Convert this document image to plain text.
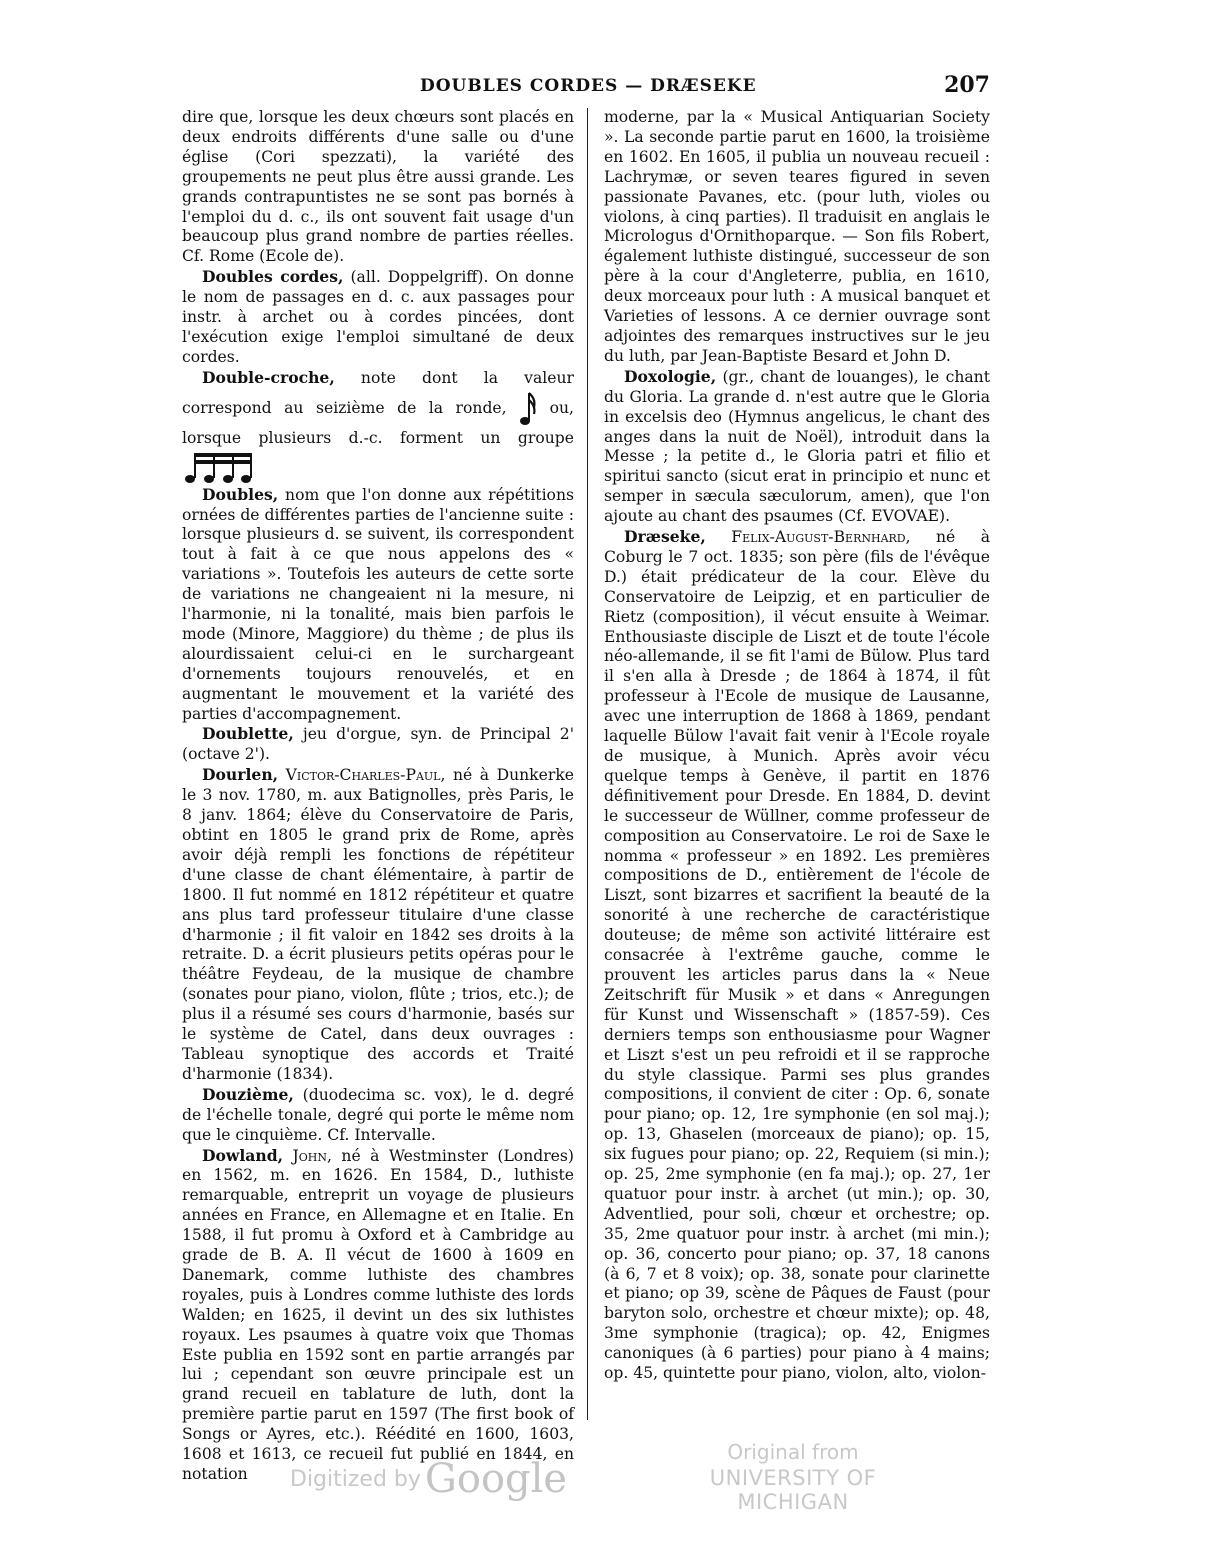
DOUBLES CORDES — DRÆSEKE	207

dire que, lorsque les deux chœurs sont placés en deux endroits différents d'une salle ou d'une église (Cori spezzati), la variété des groupements ne peut plus être aussi grande. Les grands contrapuntistes ne se sont pas bornés à l'emploi du d. c., ils ont souvent fait usage d'un beaucoup plus grand nombre de parties réelles. Cf. Rome (Ecole de).

Doubles cordes, (all. Doppelgriff). On donne le nom de passages en d. c. aux passages pour instr. à archet ou à cordes pincées, dont l'exécution exige l'emploi simultané de deux cordes.

Double-croche, note dont la valeur correspond au seizième de la ronde,	ou, lorsque plusieurs d.-c. forment un groupe

Doubles, nom que l'on donne aux répétitions ornées de différentes parties de l'ancienne suite : lorsque plusieurs d. se suivent, ils correspondent tout à fait à ce que nous appelons des « variations ». Toutefois les auteurs de cette sorte de variations ne changeaient ni la mesure, ni l'harmonie, ni la tonalité, mais bien parfois le mode (Minore, Maggiore) du thème ; de plus ils alourdissaient celui-ci en le surchargeant d'ornements toujours renouvelés, et en augmentant le mouvement et la variété des parties d'accompagnement.

Doublette, jeu d'orgue, syn. de Principal 2' (octave 2').

Dourlen, Victor-Charles-Paul, né à Dunkerke le 3 nov. 1780, m. aux Batignolles, près Paris, le 8 janv. 1864; élève du Conservatoire de Paris, obtint en 1805 le grand prix de Rome, après avoir déjà rempli les fonctions de répétiteur d'une classe de chant élémentaire, à partir de 1800. Il fut nommé en 1812 répétiteur et quatre ans plus tard professeur titulaire d'une classe d'harmonie ; il fit valoir en 1842 ses droits à la retraite. D. a écrit plusieurs petits opéras pour le théâtre Feydeau, de la musique de chambre (sonates pour piano, violon, flûte ; trios, etc.); de plus il a résumé ses cours d'harmonie, basés sur le système de Catel, dans deux ouvrages : Tableau synoptique des accords et Traité d'harmonie (1834).

Douzième, (duodecima sc. vox), le d. degré de l'échelle tonale, degré qui porte le même nom que le cinquième. Cf. Intervalle.

Dowland, John, né à Westminster (Londres) en 1562, m. en 1626. En 1584, D., luthiste remarquable, entreprit un voyage de plusieurs années en France, en Allemagne et en Italie. En 1588, il fut promu à Oxford et à Cambridge au grade de B. A. Il vécut de 1600 à 1609 en Danemark, comme luthiste des chambres royales, puis à Londres comme luthiste des lords Walden; en 1625, il devint un des six luthistes royaux. Les psaumes à quatre voix que Thomas Este publia en 1592 sont en partie arrangés par lui ; cependant son œuvre principale est un grand recueil en tablature de luth, dont la première partie parut en 1597 (The first book of Songs or Ayres, etc.). Réédité en 1600, 1603, 1608 et 1613, ce recueil fut publié en 1844, en notation

moderne, par la « Musical Antiquarian Society ». La seconde partie parut en 1600, la troisième en 1602. En 1605, il publia un nouveau recueil : Lachrymæ, or seven teares figured in seven passionate Pavanes, etc. (pour luth, violes ou violons, à cinq parties). Il traduisit en anglais le Micrologus d'Ornithoparque. — Son fils Robert, également luthiste distingué, successeur de son père à la cour d'Angleterre, publia, en 1610, deux morceaux pour luth : A musical banquet et Varieties of lessons. A ce dernier ouvrage sont adjointes des remarques instructives sur le jeu du luth, par Jean-Baptiste Besard et John D.

Doxologie, (gr., chant de louanges), le chant du Gloria. La grande d. n'est autre que le Gloria in excelsis deo (Hymnus angelicus, le chant des anges dans la nuit de Noël), introduit dans la Messe ; la petite d., le Gloria patri et filio et spiritui sancto (sicut erat in principio et nunc et semper in sæcula sæculorum, amen), que l'on ajoute au chant des psaumes (Cf. EVOVAE).

Dræseke, Felix-August-Bernhard, né à Coburg le 7 oct. 1835; son père (fils de l'évêque D.) était prédicateur de la cour. Elève du Conservatoire de Leipzig, et en particulier de Rietz (composition), il vécut ensuite à Weimar. Enthousiaste disciple de Liszt et de toute l'école néo-allemande, il se fit l'ami de Bülow. Plus tard il s'en alla à Dresde ; de 1864 à 1874, il fût professeur à l'Ecole de musique de Lausanne, avec une interruption de 1868 à 1869, pendant laquelle Bülow l'avait fait venir à l'Ecole royale de musique, à Munich. Après avoir vécu quelque temps à Genève, il partit en 1876 définitivement pour Dresde. En 1884, D. devint le successeur de Wüllner, comme professeur de composition au Conservatoire. Le roi de Saxe le nomma « professeur » en 1892. Les premières compositions de D., entièrement de l'école de Liszt, sont bizarres et sacrifient la beauté de la sonorité à une recherche de caractéristique douteuse; de même son activité littéraire est consacrée à l'extrême gauche, comme le prouvent les articles parus dans la « Neue Zeitschrift für Musik » et dans « Anregungen für Kunst und Wissenschaft » (1857-59). Ces derniers temps son enthousiasme pour Wagner et Liszt s'est un peu refroidi et il se rapproche du style classique. Parmi ses plus grandes compositions, il convient de citer : Op. 6, sonate pour piano; op. 12, 1re symphonie (en sol maj.); op. 13, Ghaselen (morceaux de piano); op. 15, six fugues pour piano; op. 22, Requiem (si min.); op. 25, 2me symphonie (en fa maj.); op. 27, 1er quatuor pour instr. à archet (ut min.); op. 30, Adventlied, pour soli, chœur et orchestre; op. 35, 2me quatuor pour instr. à archet (mi min.); op. 36, concerto pour piano; op. 37, 18 canons (à 6, 7 et 8 voix); op. 38, sonate pour clarinette et piano; op 39, scène de Pâques de Faust (pour baryton solo, orchestre et chœur mixte); op. 48, 3me symphonie (tragica); op. 42, Enigmes canoniques (à 6 parties) pour piano à 4 mains; op. 45, quintette pour piano, violon, alto, violon-

Digitized by Google
Original from
UNIVERSITY OF MICHIGAN
